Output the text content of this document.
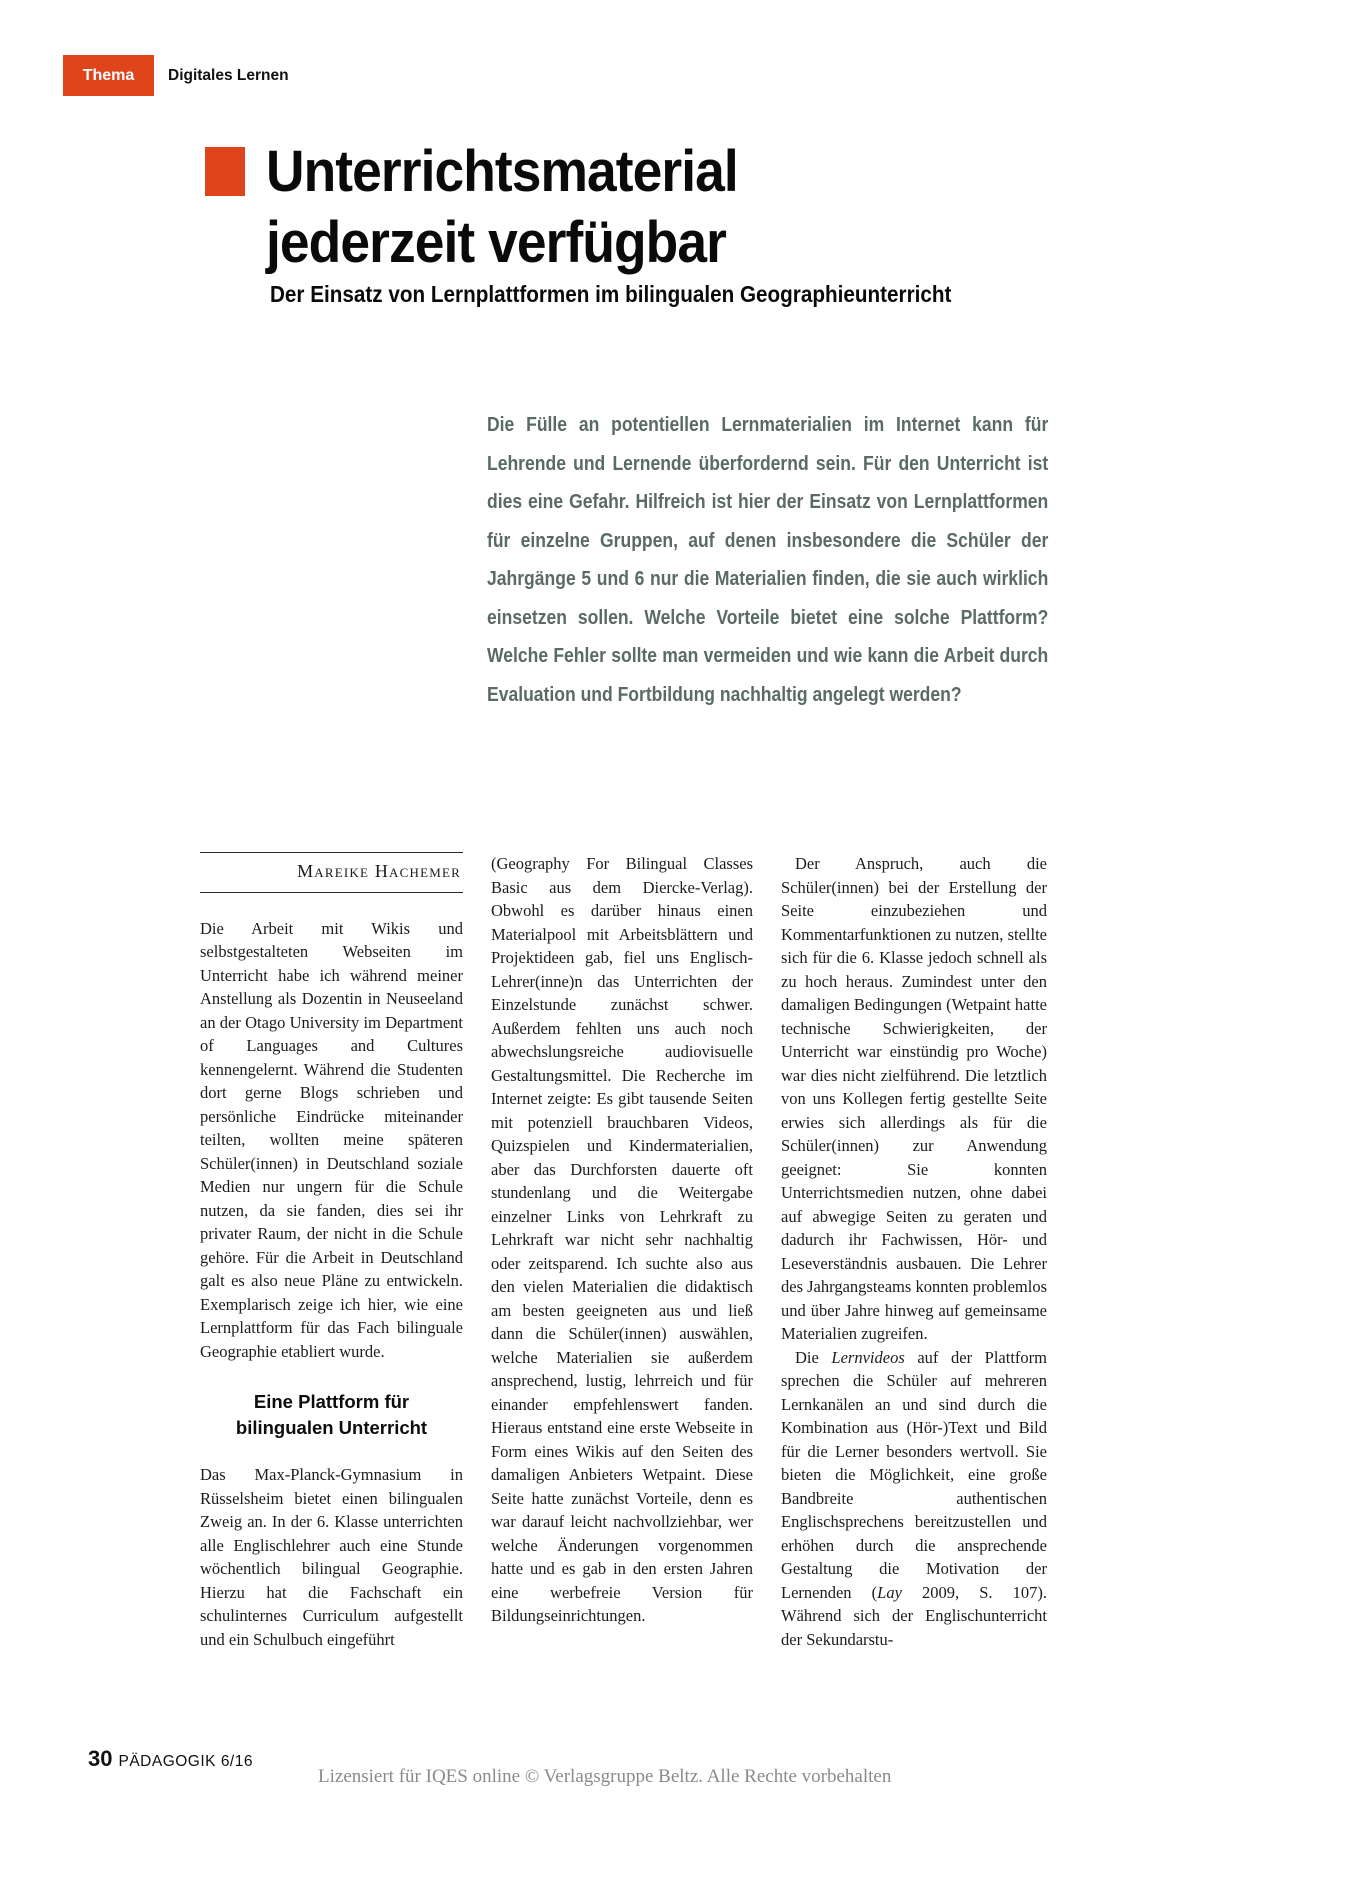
Thema Digitales Lernen
Unterrichtsmaterial
jederzeit verfügbar
Der Einsatz von Lernplattformen im bilingualen Geographieunterricht

Die Fülle an potentiellen Lernmaterialien im Internet kann für Lehrende und Lernende überfordernd sein. Für den Unterricht ist dies eine Gefahr. Hilfreich ist hier der Einsatz von Lernplattformen für einzelne Gruppen, auf denen insbesondere die Schüler der Jahrgänge 5 und 6 nur die Materialien finden, die sie auch wirklich einsetzen sollen. Welche Vorteile bietet eine solche Plattform? Welche Fehler sollte man vermeiden und wie kann die Arbeit durch Evaluation und Fortbildung nachhaltig angelegt werden?

Mareike Hachemer

Die Arbeit mit Wikis und selbstgestalteten Webseiten im Unterricht habe ich während meiner Anstellung als Dozentin in Neuseeland an der Otago University im Department of Languages and Cultures kennengelernt. Während die Studenten dort gerne Blogs schrieben und persönliche Eindrücke miteinander teilten, wollten meine späteren Schüler(innen) in Deutschland soziale Medien nur ungern für die Schule nutzen, da sie fanden, dies sei ihr privater Raum, der nicht in die Schule gehöre. Für die Arbeit in Deutschland galt es also neue Pläne zu entwickeln. Exemplarisch zeige ich hier, wie eine Lernplattform für das Fach bilinguale Geographie etabliert wurde.

Eine Plattform für
bilingualen Unterricht

Das Max-Planck-Gymnasium in Rüsselsheim bietet einen bilingualen Zweig an. In der 6. Klasse unterrichten alle Englischlehrer auch eine Stunde wöchentlich bilingual Geographie. Hierzu hat die Fachschaft ein schulinternes Curriculum aufgestellt und ein Schulbuch eingeführt

(Geography For Bilingual Classes Basic aus dem Diercke-Verlag). Obwohl es darüber hinaus einen Materialpool mit Arbeitsblättern und Projektideen gab, fiel uns Englisch-Lehrer(inne)n das Unterrichten der Einzelstunde zunächst schwer. Außerdem fehlten uns auch noch abwechslungsreiche audiovisuelle Gestaltungsmittel. Die Recherche im Internet zeigte: Es gibt tausende Seiten mit potenziell brauchbaren Videos, Quizspielen und Kindermaterialien, aber das Durchforsten dauerte oft stundenlang und die Weitergabe einzelner Links von Lehrkraft zu Lehrkraft war nicht sehr nachhaltig oder zeitsparend. Ich suchte also aus den vielen Materialien die didaktisch am besten geeigneten aus und ließ dann die Schüler(innen) auswählen, welche Materialien sie außerdem ansprechend, lustig, lehrreich und für einander empfehlenswert fanden. Hieraus entstand eine erste Webseite in Form eines Wikis auf den Seiten des damaligen Anbieters Wetpaint. Diese Seite hatte zunächst Vorteile, denn es war darauf leicht nachvollziehbar, wer welche Änderungen vorgenommen hatte und es gab in den ersten Jahren eine werbefreie Version für Bildungseinrichtungen.

Der Anspruch, auch die Schüler(innen) bei der Erstellung der Seite einzubeziehen und Kommentarfunktionen zu nutzen, stellte sich für die 6. Klasse jedoch schnell als zu hoch heraus. Zumindest unter den damaligen Bedingungen (Wetpaint hatte technische Schwierigkeiten, der Unterricht war einstündig pro Woche) war dies nicht zielführend. Die letztlich von uns Kollegen fertig gestellte Seite erwies sich allerdings als für die Schüler(innen) zur Anwendung geeignet: Sie konnten Unterrichtsmedien nutzen, ohne dabei auf abwegige Seiten zu geraten und dadurch ihr Fachwissen, Hör- und Leseverständnis ausbauen. Die Lehrer des Jahrgangsteams konnten problemlos und über Jahre hinweg auf gemeinsame Materialien zugreifen.

Die Lernvideos auf der Plattform sprechen die Schüler auf mehreren Lernkanälen an und sind durch die Kombination aus (Hör-)Text und Bild für die Lerner besonders wertvoll. Sie bieten die Möglichkeit, eine große Bandbreite authentischen Englischsprechens bereitzustellen und erhöhen durch die ansprechende Gestaltung die Motivation der Lernenden (Lay 2009, S. 107). Während sich der Englischunterricht der Sekundarstu-

30 PÄDAGOGIK 6/16
Lizensiert für IQES online © Verlagsgruppe Beltz. Alle Rechte vorbehalten
